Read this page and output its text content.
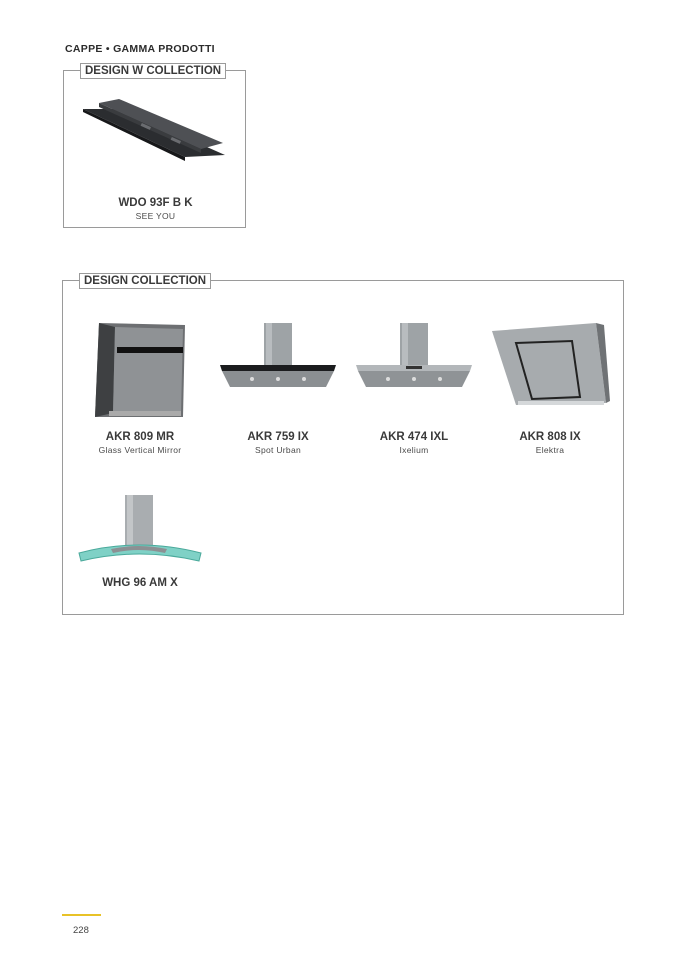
CAPPE • GAMMA PRODOTTI
DESIGN W COLLECTION
WDO 93F B K
SEE YOU
DESIGN COLLECTION
AKR 809 MR
Glass Vertical Mirror
AKR 759 IX
Spot Urban
AKR 474 IXL
Ixelium
AKR 808 IX
Elektra
WHG 96 AM X
228
